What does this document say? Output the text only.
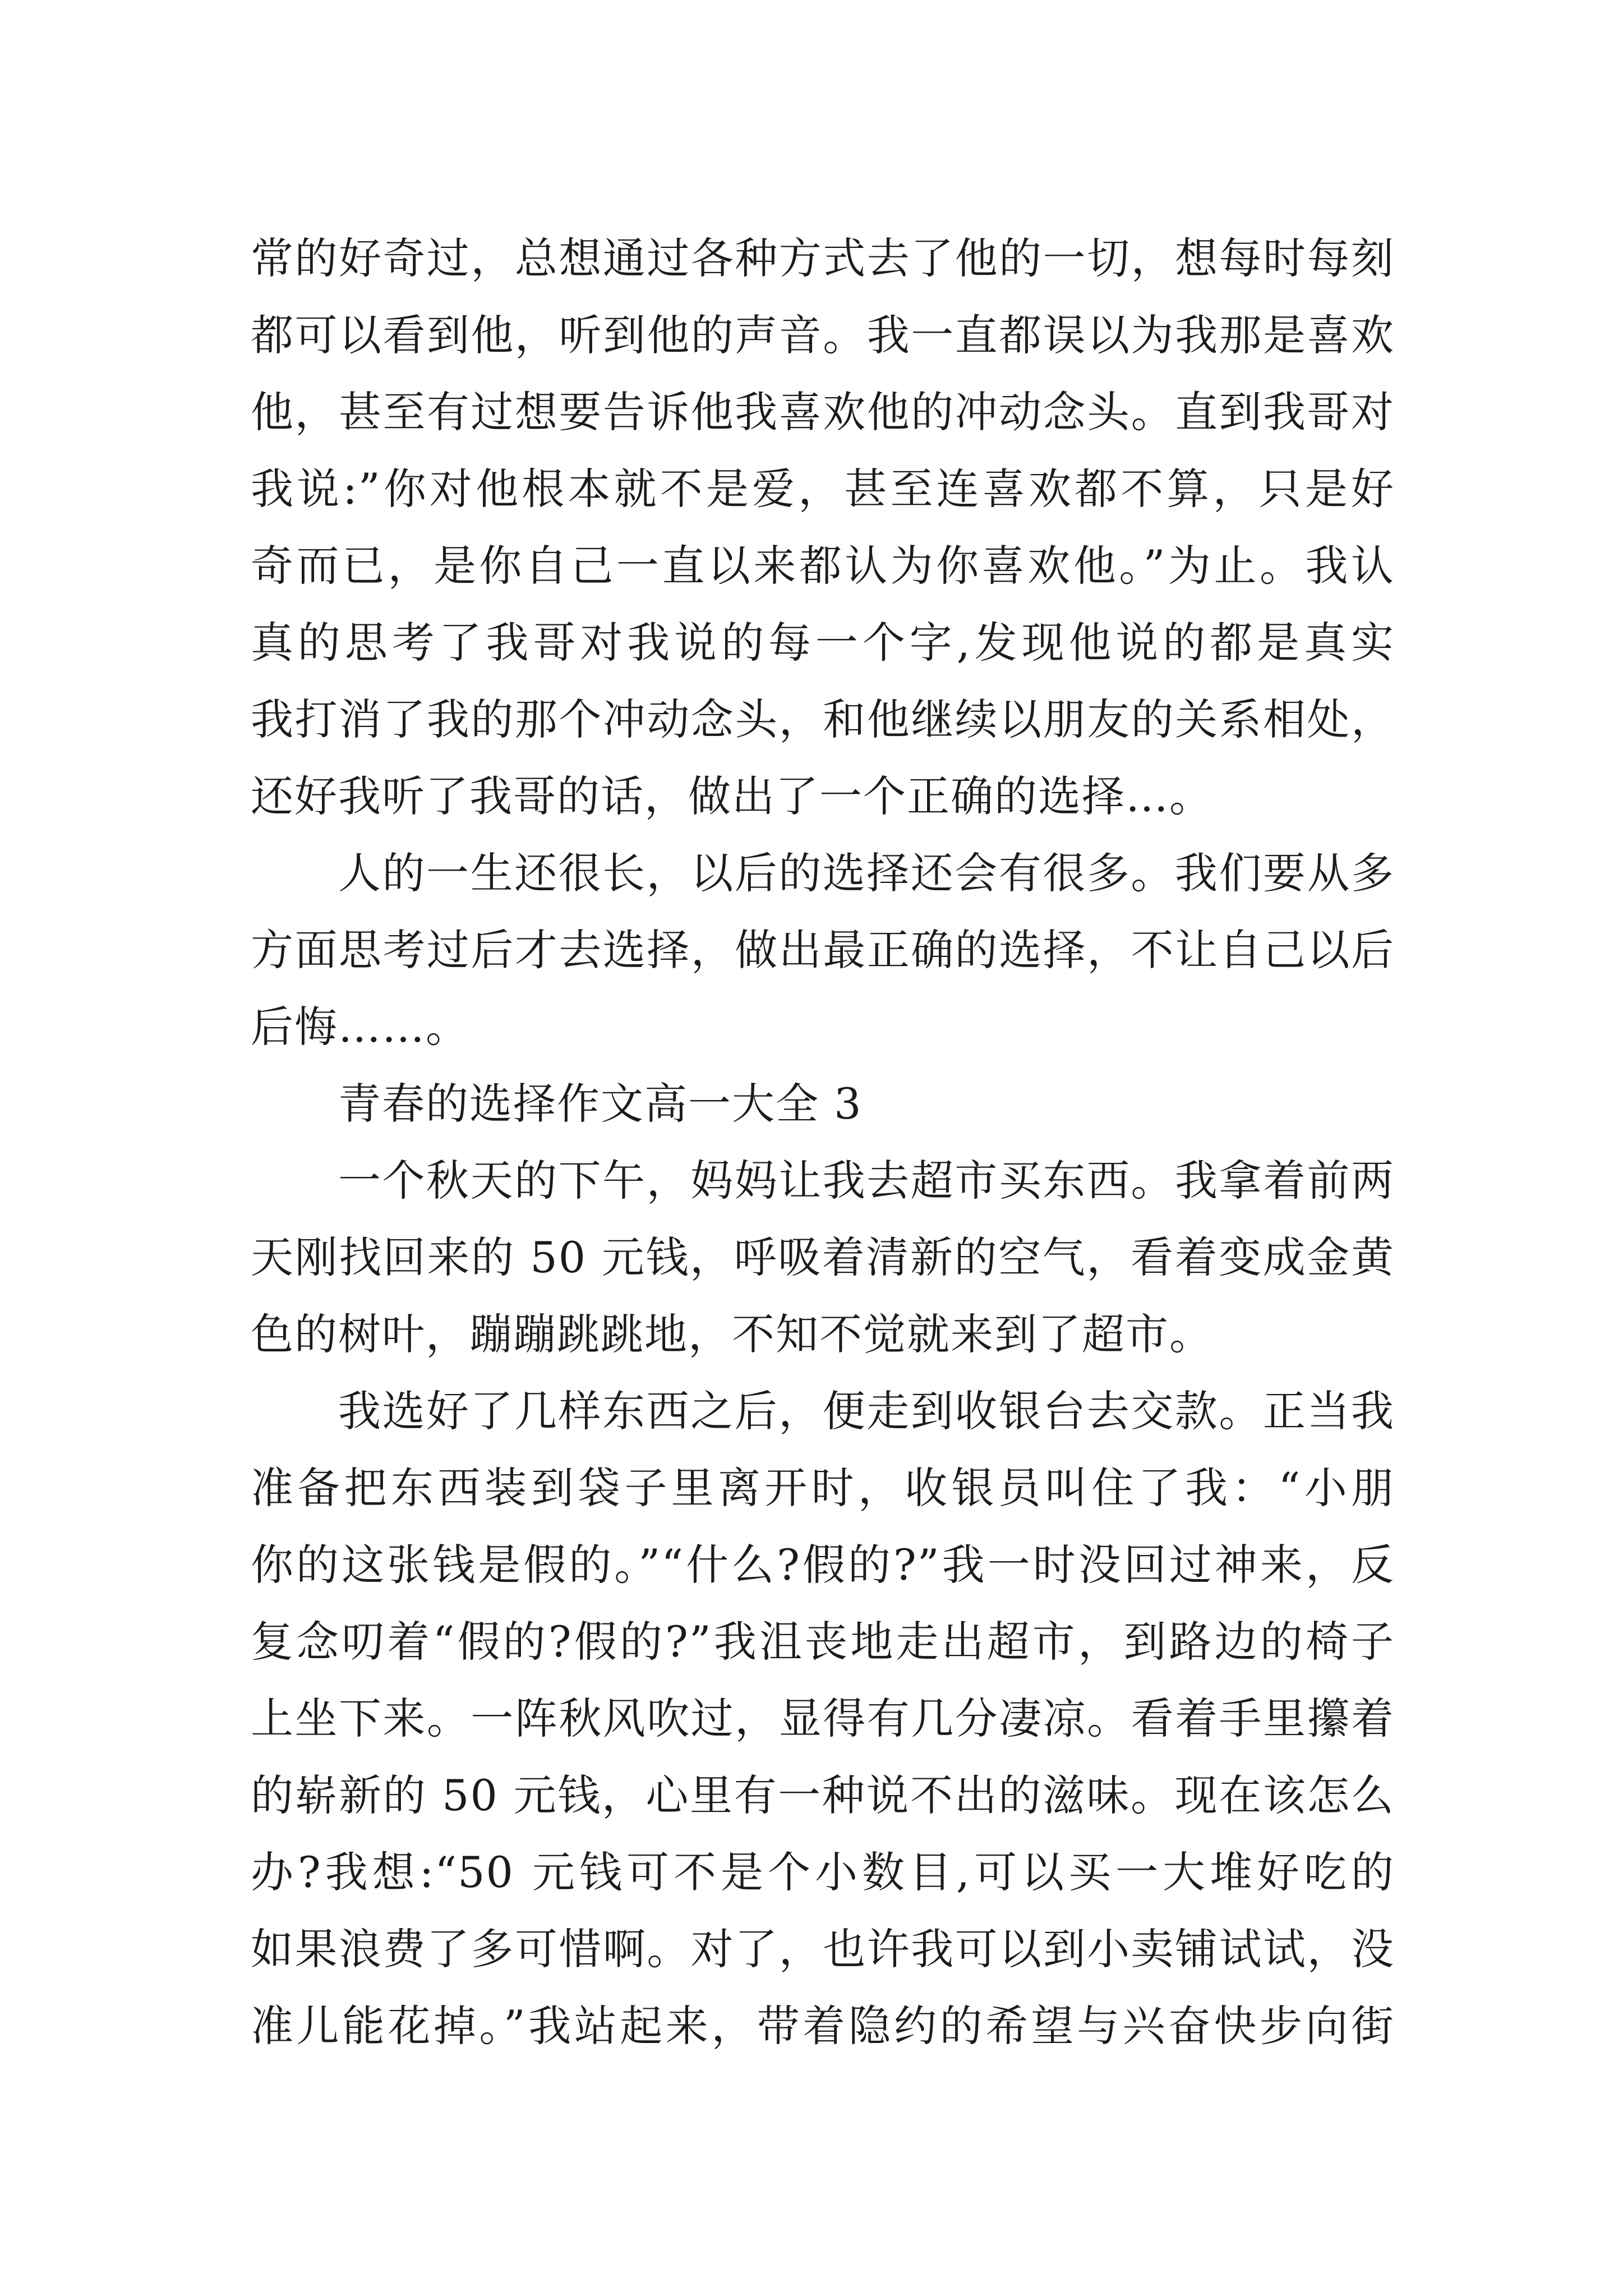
常的好奇过，总想通过各种方式去了他的一切，想每时每刻
都可以看到他，听到他的声音。我一直都误以为我那是喜欢
他，甚至有过想要告诉他我喜欢他的冲动念头。直到我哥对
我说:”你对他根本就不是爱，甚至连喜欢都不算，只是好
奇而已，是你自己一直以来都认为你喜欢他。”为止。我认
真的思考了我哥对我说的每一个字,发现他说的都是真实
我打消了我的那个冲动念头，和他继续以朋友的关系相处，
还好我听了我哥的话，做出了一个正确的选择…。
人的一生还很长，以后的选择还会有很多。我们要从多
方面思考过后才去选择，做出最正确的选择，不让自己以后
后悔……。
青春的选择作文高一大全 3
一个秋天的下午，妈妈让我去超市买东西。我拿着前两
天刚找回来的 50 元钱，呼吸着清新的空气，看着变成金黄
色的树叶，蹦蹦跳跳地，不知不觉就来到了超市。
我选好了几样东西之后，便走到收银台去交款。正当我
准备把东西装到袋子里离开时，收银员叫住了我：“小朋
你的这张钱是假的。”“什么?假的?”我一时没回过神来，反
复念叨着“假的?假的?”我沮丧地走出超市，到路边的椅子
上坐下来。一阵秋风吹过，显得有几分凄凉。看着手里攥着
的崭新的 50 元钱，心里有一种说不出的滋味。现在该怎么
办?我想:“50 元钱可不是个小数目,可以买一大堆好吃的
如果浪费了多可惜啊。对了，也许我可以到小卖铺试试，没
准儿能花掉。”我站起来，带着隐约的希望与兴奋快步向街
